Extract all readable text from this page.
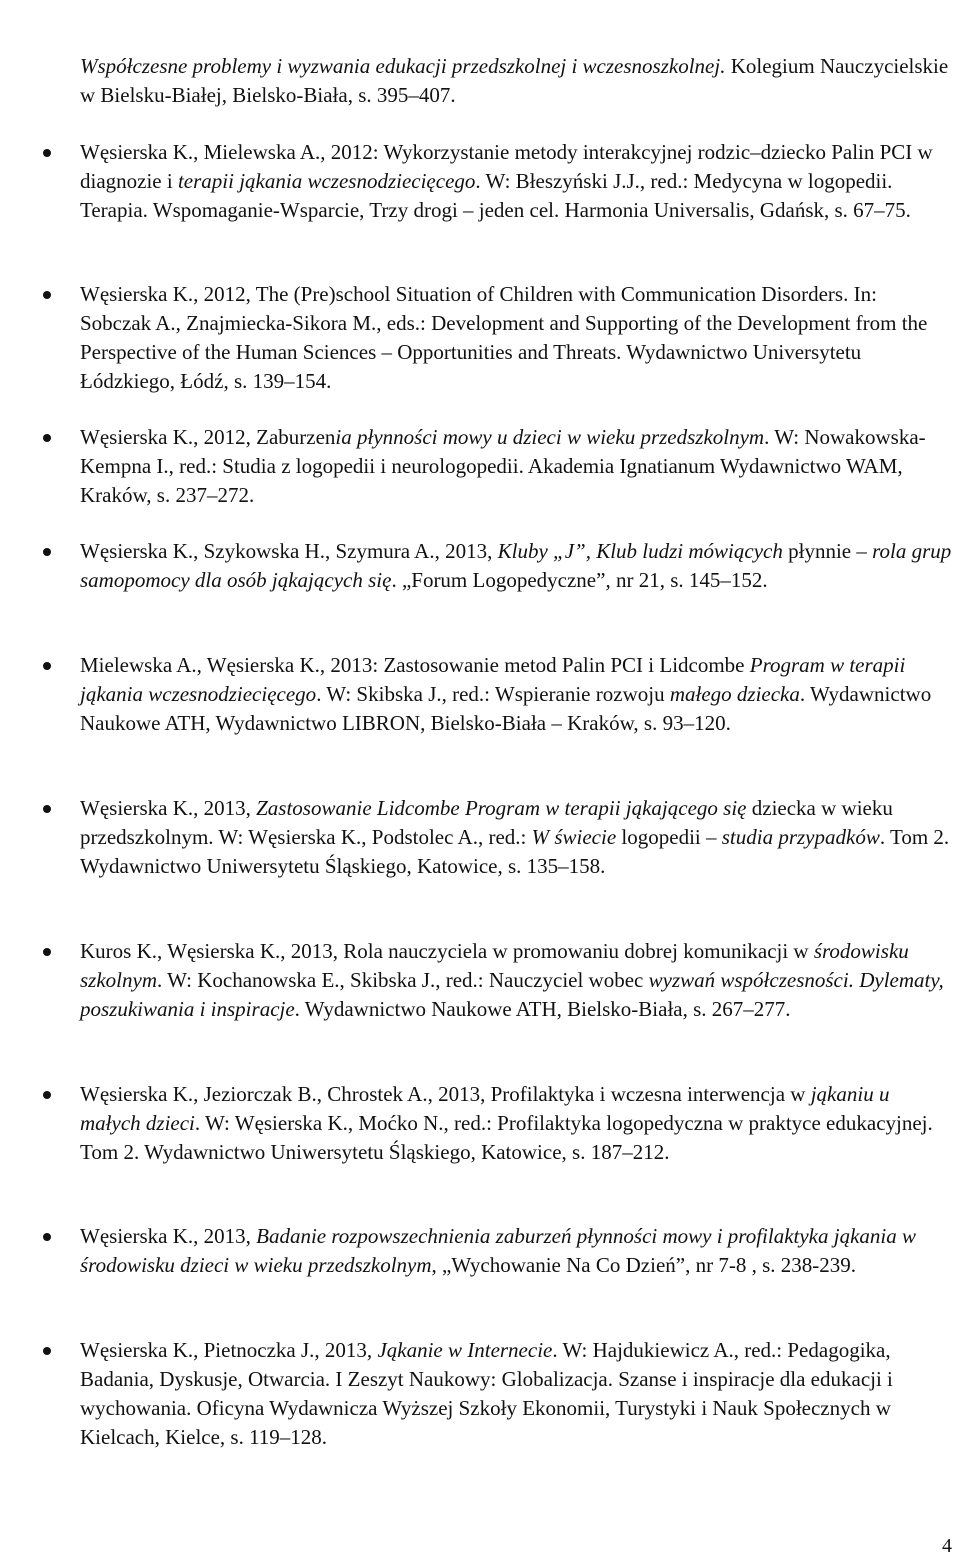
Współczesne problemy i wyzwania edukacji przedszkolnej i wczesnoszkolnej. Kolegium Nauczycielskie w Bielsku-Białej, Bielsko-Biała, s. 395–407.
Węsierska K., Mielewska A., 2012: Wykorzystanie metody interakcyjnej rodzic–dziecko Palin PCI w diagnozie i terapii jąkania wczesnodziecięcego. W: Błeszyński J.J., red.: Medycyna w logopedii. Terapia. Wspomaganie-Wsparcie, Trzy drogi – jeden cel. Harmonia Universalis, Gdańsk, s. 67–75.
Węsierska K., 2012, The (Pre)school Situation of Children with Communication Disorders. In: Sobczak A., Znajmiecka-Sikora M., eds.: Development and Supporting of the Development from the Perspective of the Human Sciences – Opportunities and Threats. Wydawnictwo Universytetu Łódzkiego, Łódź, s. 139–154.
Węsierska K., 2012, Zaburzenia płynności mowy u dzieci w wieku przedszkolnym. W: Nowakowska-Kempna I., red.: Studia z logopedii i neurologopedii. Akademia Ignatianum Wydawnictwo WAM, Kraków, s. 237–272.
Węsierska K., Szykowska H., Szymura A., 2013, Kluby „J”, Klub ludzi mówiących płynnie – rola grup samopomocy dla osób jąkających się. „Forum Logopedyczne”, nr 21, s. 145–152.
Mielewska A., Węsierska K., 2013: Zastosowanie metod Palin PCI i Lidcombe Program w terapii jąkania wczesnodziecięcego. W: Skibska J., red.: Wspieranie rozwoju małego dziecka. Wydawnictwo Naukowe ATH, Wydawnictwo LIBRON, Bielsko-Biała – Kraków, s. 93–120.
Węsierska K., 2013, Zastosowanie Lidcombe Program w terapii jąkającego się dziecka w wieku przedszkolnym. W: Węsierska K., Podstolec A., red.: W świecie logopedii – studia przypadków. Tom 2. Wydawnictwo Uniwersytetu Śląskiego, Katowice, s. 135–158.
Kuros K., Węsierska K., 2013, Rola nauczyciela w promowaniu dobrej komunikacji w środowisku szkolnym. W: Kochanowska E., Skibska J., red.: Nauczyciel wobec wyzwań współczesności. Dylematy, poszukiwania i inspiracje. Wydawnictwo Naukowe ATH, Bielsko-Biała, s. 267–277.
Węsierska K., Jeziorczak B., Chrostek A., 2013, Profilaktyka i wczesna interwencja w jąkaniu u małych dzieci. W: Węsierska K., Moćko N., red.: Profilaktyka logopedyczna w praktyce edukacyjnej. Tom 2. Wydawnictwo Uniwersytetu Śląskiego, Katowice, s. 187–212.
Węsierska K., 2013, Badanie rozpowszechnienia zaburzeń płynności mowy i profilaktyka jąkania w środowisku dzieci w wieku przedszkolnym, „Wychowanie Na Co Dzień”, nr 7-8 , s. 238-239.
Węsierska K., Pietnoczka J., 2013, Jąkanie w Internecie. W: Hajdukiewicz A., red.: Pedagogika, Badania, Dyskusje, Otwarcia. I Zeszyt Naukowy: Globalizacja. Szanse i inspiracje dla edukacji i wychowania. Oficyna Wydawnicza Wyższej Szkoły Ekonomii, Turystyki i Nauk Społecznych w Kielcach, Kielce, s. 119–128.
4
